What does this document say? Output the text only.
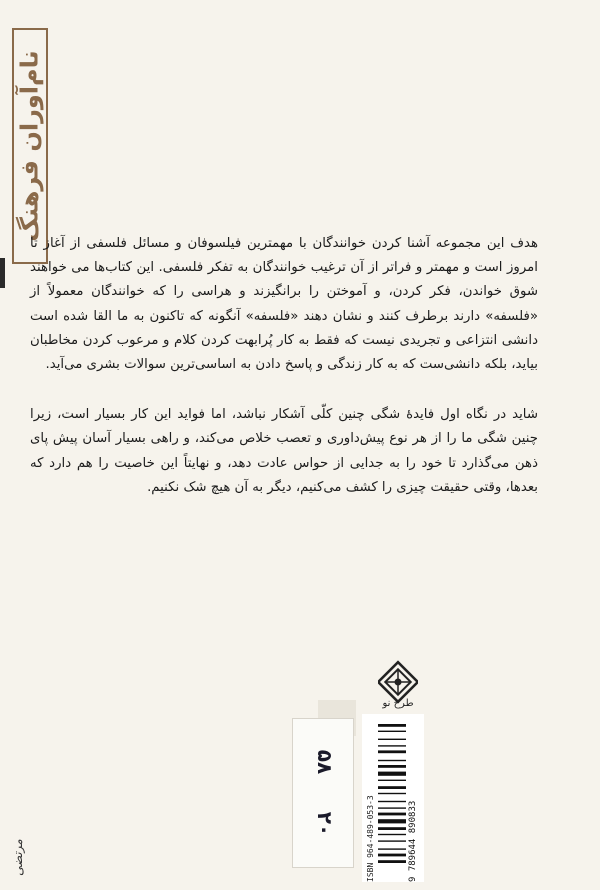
نام‌آوران فرهنگ

هدف این مجموعه آشنا کردن خوانندگان با مهمترین فیلسوفان و مسائل فلسفی از آغاز تا امروز است و مهمتر و فراتر از آن ترغیب خوانندگان به تفکر فلسفی. این کتاب‌ها می خواهند شوق خواندن، فکر کردن، و آموختن را برانگیزند و هراسی را که خوانندگان معمولاً از «فلسفه» دارند برطرف کنند و نشان دهند «فلسفه» آنگونه که تاکنون به ما القا شده است دانشی انتزاعی و تجریدی نیست که فقط به کار پُرابهت کردن کلام و مرعوب کردن مخاطبان بیاید، بلکه دانشی‌ست که به کار زندگی و پاسخ دادن به اساسی‌ترین سوالات بشری می‌آید.

شاید در نگاه اول فایدهٔ شگی چنین کلّی آشکار نباشد، اما فواید این کار بسیار است، زیرا چنین شگی ما را از هر نوع پیش‌داوری و تعصب خلاص می‌کند، و راهی بسیار آسان پیش پای ذهن می‌گذارد تا خود را به جدایی از حواس عادت دهد، و نهایتاً این خاصیت را هم دارد که بعدها، وقتی حقیقت چیزی را کشف می‌کنیم، دیگر به آن هیچ شک نکنیم.

طرح نو
۵۸
۲۰	ISBN 964-489-053-3	9 789644 890833
مرتضی
